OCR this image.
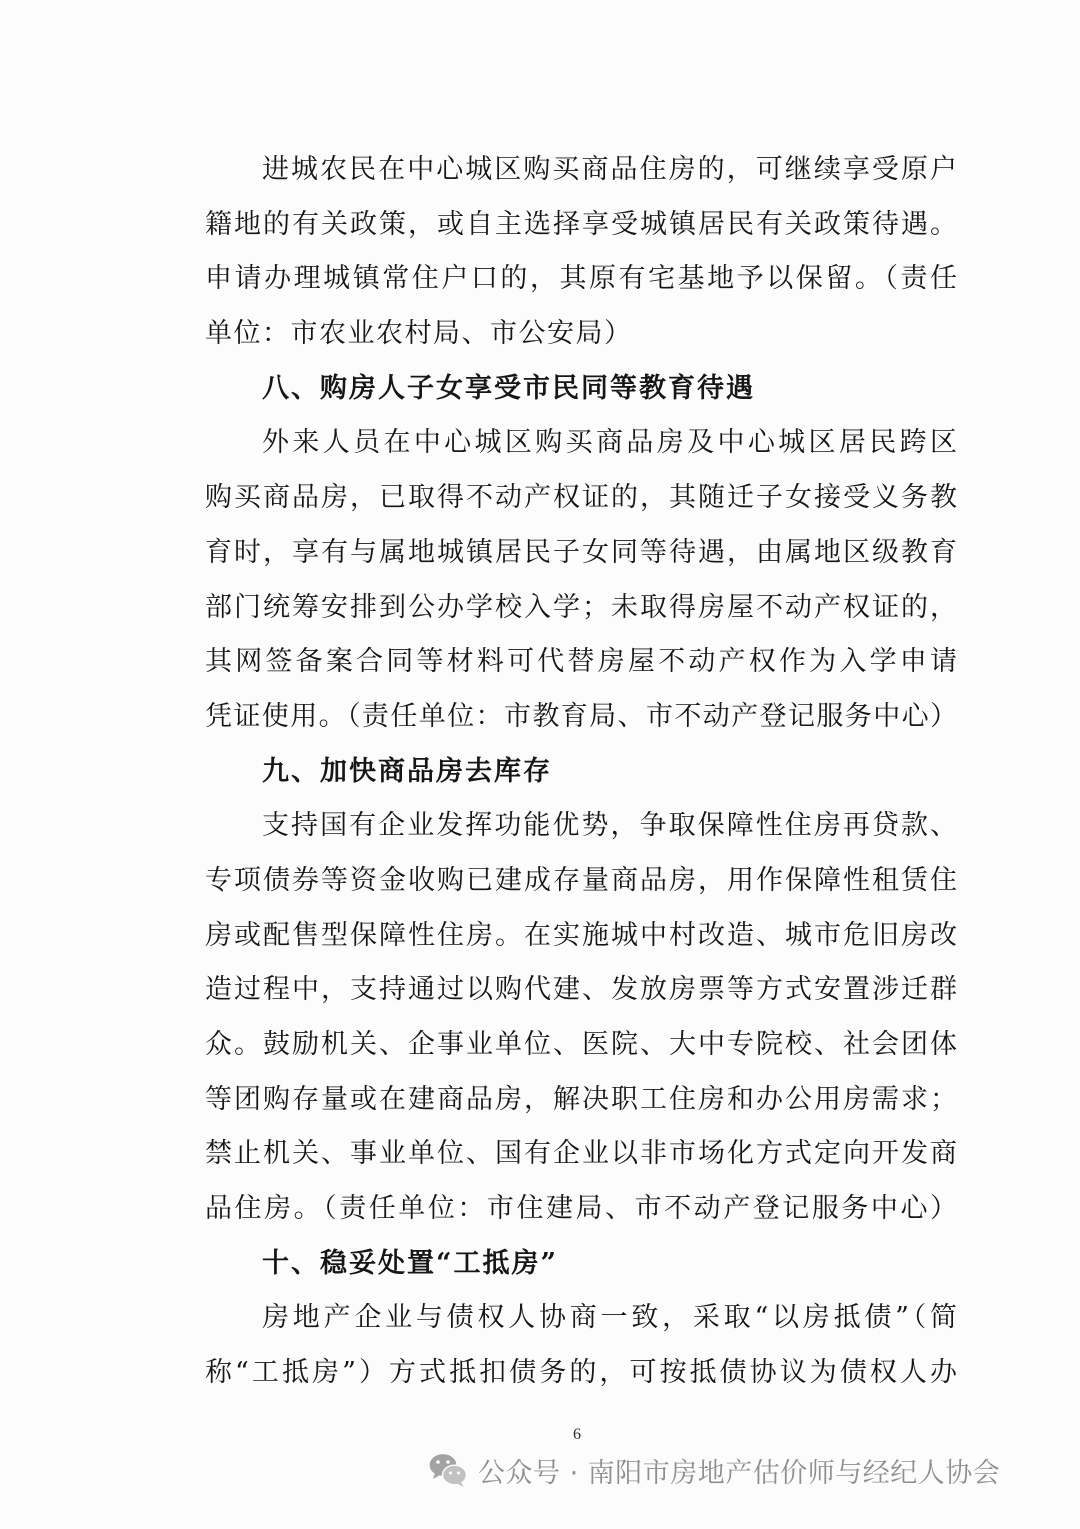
进城农民在中心城区购买商品住房的，可继续享受原户
籍地的有关政策，或自主选择享受城镇居民有关政策待遇。
申请办理城镇常住户口的，其原有宅基地予以保留。（责任
单位：市农业农村局、市公安局）
八、购房人子女享受市民同等教育待遇
外来人员在中心城区购买商品房及中心城区居民跨区
购买商品房，已取得不动产权证的，其随迁子女接受义务教
育时，享有与属地城镇居民子女同等待遇，由属地区级教育
部门统筹安排到公办学校入学；未取得房屋不动产权证的，
其网签备案合同等材料可代替房屋不动产权作为入学申请
凭证使用。（责任单位：市教育局、市不动产登记服务中心）
九、加快商品房去库存
支持国有企业发挥功能优势，争取保障性住房再贷款、
专项债券等资金收购已建成存量商品房，用作保障性租赁住
房或配售型保障性住房。在实施城中村改造、城市危旧房改
造过程中，支持通过以购代建、发放房票等方式安置涉迁群
众。鼓励机关、企事业单位、医院、大中专院校、社会团体
等团购存量或在建商品房，解决职工住房和办公用房需求；
禁止机关、事业单位、国有企业以非市场化方式定向开发商
品住房。（责任单位：市住建局、市不动产登记服务中心）
十、稳妥处置“工抵房”
房地产企业与债权人协商一致，采取“以房抵债”（简
称“工抵房”）方式抵扣债务的，可按抵债协议为债权人办
6
公众号 · 南阳市房地产估价师与经纪人协会
